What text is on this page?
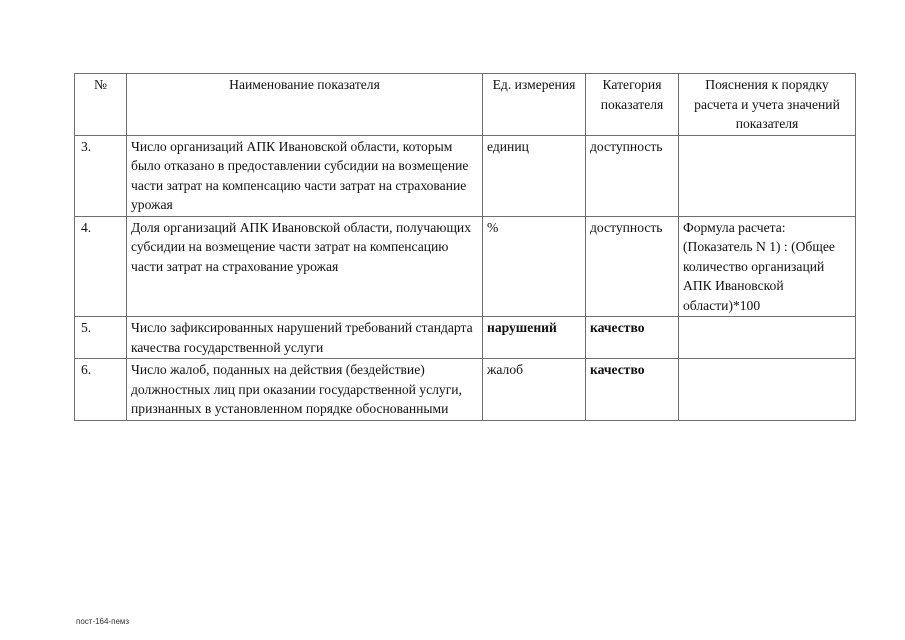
№	Наименование показателя	Ед. измерения	Категория показателя	Пояснения к порядку расчета и учета значений показателя
3.	Число организаций АПК Ивановской области, которым было отказано в предоставлении субсидии на возмещение части затрат на компенсацию части затрат на страхование урожая	единиц	доступность	
4.	Доля организаций АПК Ивановской области, получающих субсидии на возмещение части затрат на компенсацию части затрат на страхование урожая	%	доступность	Формула расчета: (Показатель N 1) : (Общее количество организаций АПК Ивановской области)*100
5.	Число зафиксированных нарушений требований стандарта качества государственной услуги	нарушений	качество	
6.	Число жалоб, поданных на действия (бездействие) должностных лиц при оказании государственной услуги, признанных в установленном порядке обоснованными	жалоб	качество	
пост-164-пемз
